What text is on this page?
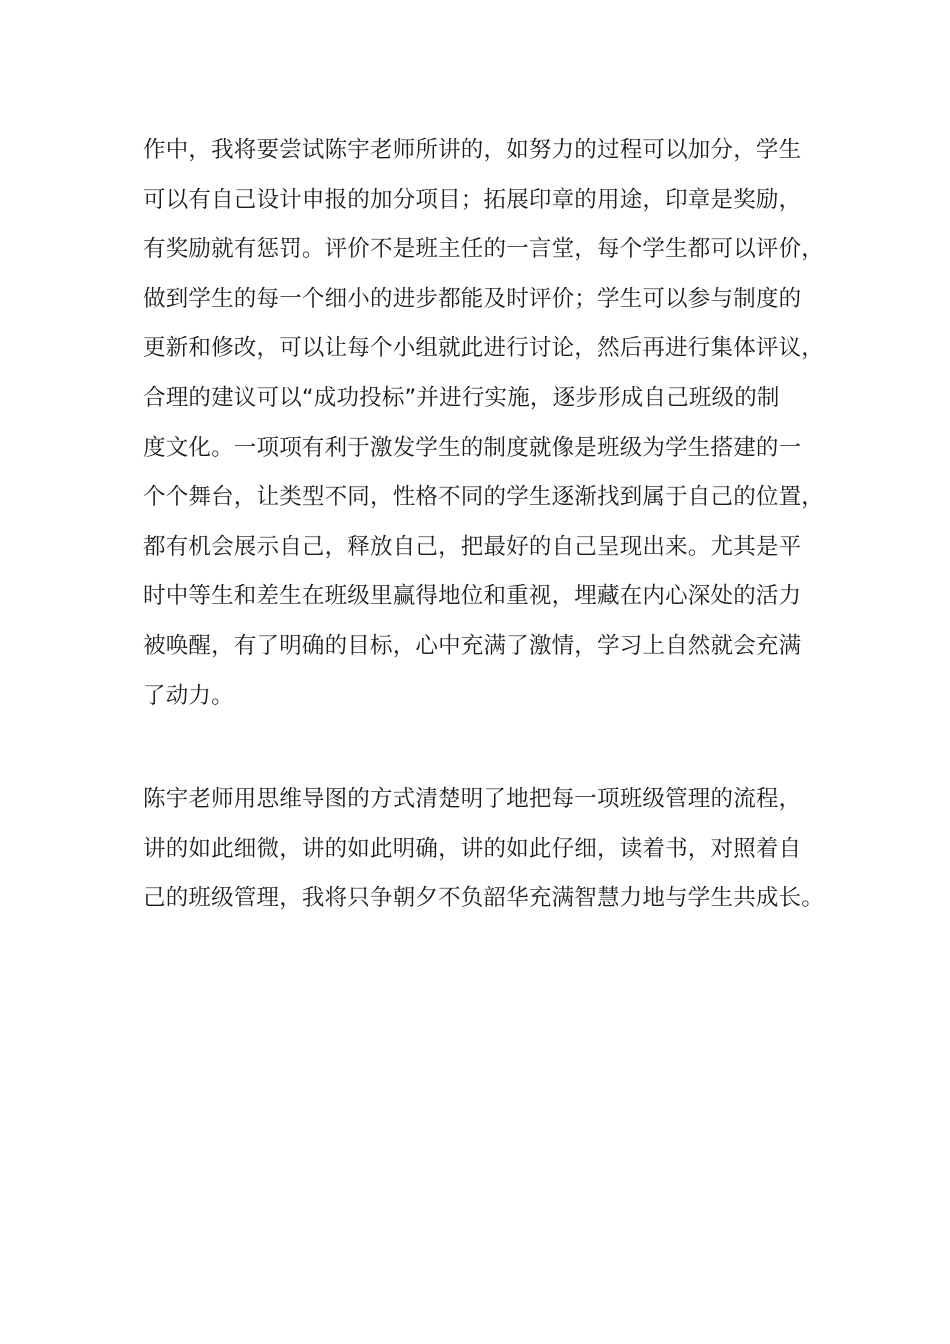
作中，我将要尝试陈宇老师所讲的，如努力的过程可以加分，学生
可以有自己设计申报的加分项目；拓展印章的用途，印章是奖励，
有奖励就有惩罚。评价不是班主任的一言堂，每个学生都可以评价，
做到学生的每一个细小的进步都能及时评价；学生可以参与制度的
更新和修改，可以让每个小组就此进行讨论，然后再进行集体评议，
合理的建议可以“成功投标”并进行实施，逐步形成自己班级的制
度文化。一项项有利于激发学生的制度就像是班级为学生搭建的一
个个舞台，让类型不同，性格不同的学生逐渐找到属于自己的位置，
都有机会展示自己，释放自己，把最好的自己呈现出来。尤其是平
时中等生和差生在班级里赢得地位和重视，埋藏在内心深处的活力
被唤醒，有了明确的目标，心中充满了激情，学习上自然就会充满
了动力。
陈宇老师用思维导图的方式清楚明了地把每一项班级管理的流程，
讲的如此细微，讲的如此明确，讲的如此仔细，读着书，对照着自
己的班级管理，我将只争朝夕不负韶华充满智慧力地与学生共成长。
